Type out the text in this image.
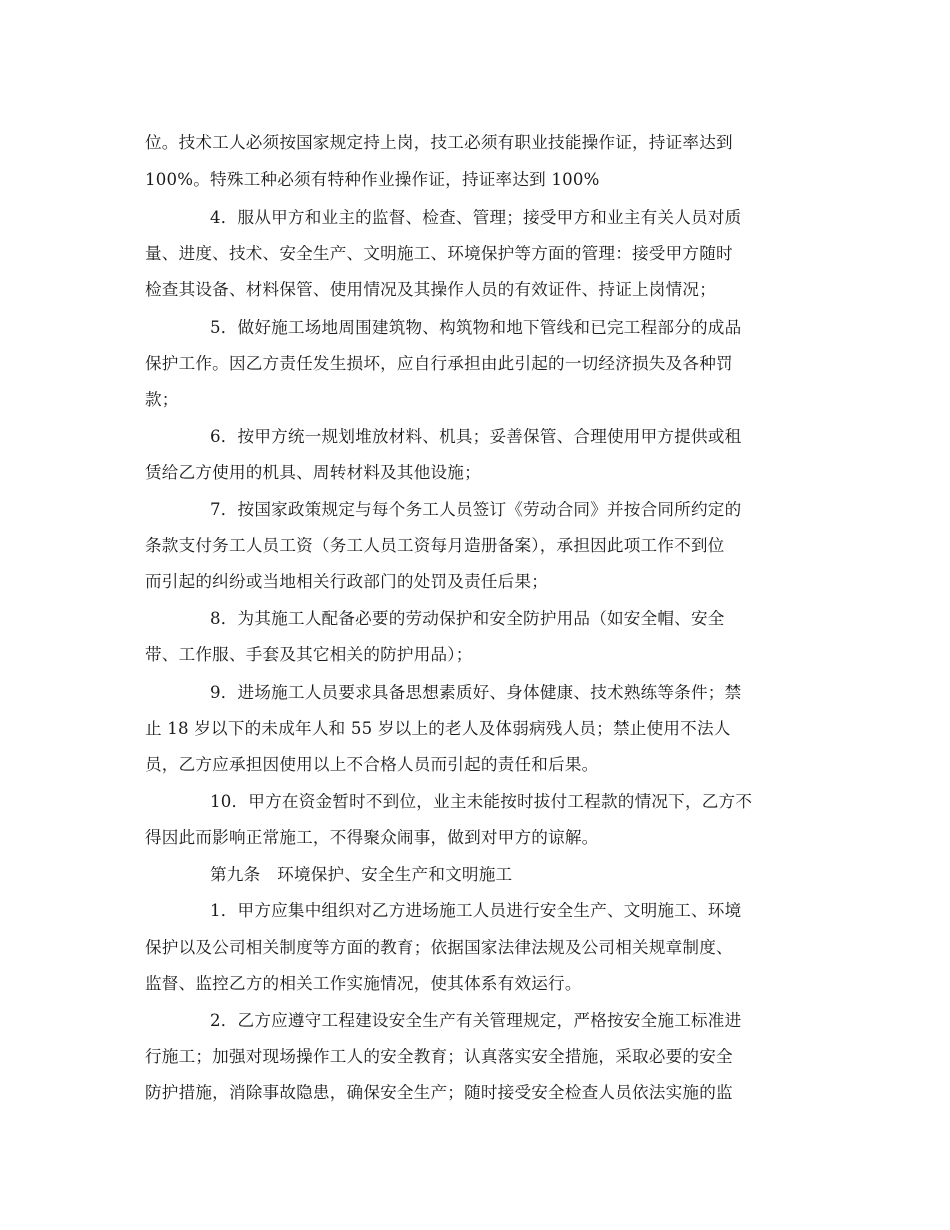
位。技术工人必须按国家规定持上岗，技工必须有职业技能操作证，持证率达到
100%。特殊工种必须有特种作业操作证，持证率达到 100%
4．服从甲方和业主的监督、检查、管理；接受甲方和业主有关人员对质
量、进度、技术、安全生产、文明施工、环境保护等方面的管理：接受甲方随时
检查其设备、材料保管、使用情况及其操作人员的有效证件、持证上岗情况；
5．做好施工场地周围建筑物、构筑物和地下管线和已完工程部分的成品
保护工作。因乙方责任发生损坏，应自行承担由此引起的一切经济损失及各种罚
款；
6．按甲方统一规划堆放材料、机具；妥善保管、合理使用甲方提供或租
赁给乙方使用的机具、周转材料及其他设施；
7．按国家政策规定与每个务工人员签订《劳动合同》并按合同所约定的
条款支付务工人员工资（务工人员工资每月造册备案），承担因此项工作不到位
而引起的纠纷或当地相关行政部门的处罚及责任后果；
8．为其施工人配备必要的劳动保护和安全防护用品（如安全帽、安全
带、工作服、手套及其它相关的防护用品）；
9．进场施工人员要求具备思想素质好、身体健康、技术熟练等条件；禁
止 18 岁以下的未成年人和 55 岁以上的老人及体弱病残人员；禁止使用不法人
员，乙方应承担因使用以上不合格人员而引起的责任和后果。
10．甲方在资金暂时不到位，业主未能按时拔付工程款的情况下，乙方不
得因此而影响正常施工，不得聚众闹事，做到对甲方的谅解。
第九条　环境保护、安全生产和文明施工
1．甲方应集中组织对乙方进场施工人员进行安全生产、文明施工、环境
保护以及公司相关制度等方面的教育；依据国家法律法规及公司相关规章制度、
监督、监控乙方的相关工作实施情况，使其体系有效运行。
2．乙方应遵守工程建设安全生产有关管理规定，严格按安全施工标准进
行施工；加强对现场操作工人的安全教育；认真落实安全措施，采取必要的安全
防护措施，消除事故隐患，确保安全生产；随时接受安全检查人员依法实施的监
